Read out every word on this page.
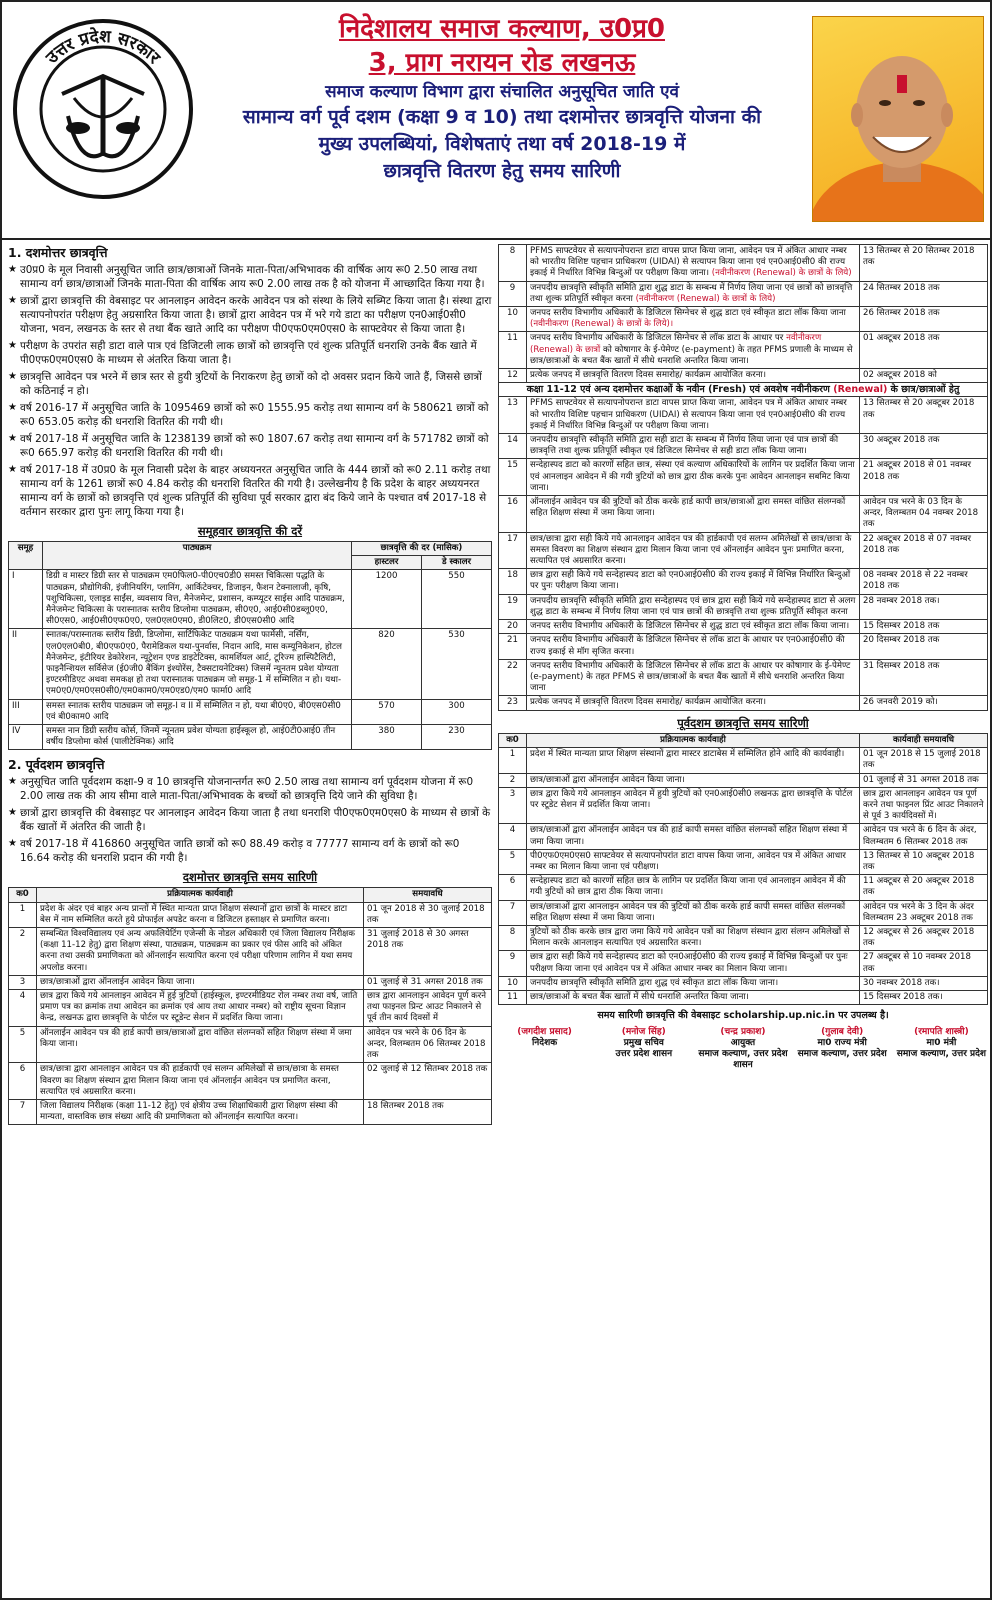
उत्तर प्रदेश सरकार
निदेशालय समाज कल्याण, उ0प्र0
3, प्राग नरायन रोड लखनऊ
समाज कल्याण विभाग द्वारा संचालित अनुसूचित जाति एवं
सामान्य वर्ग पूर्व दशम (कक्षा 9 व 10) तथा दशमोत्तर छात्रवृत्ति योजना की
मुख्य उपलब्धियां, विशेषताएं तथा वर्ष 2018-19 में
छात्रवृत्ति वितरण हेतु समय सारिणी
1. दशमोत्तर छात्रवृत्ति
★ उ0प्र0 के मूल निवासी अनुसूचित जाति छात्र/छात्राओं जिनके माता-पिता/अभिभावक की वार्षिक आय रू0 2.50 लाख तथा सामान्य वर्ग छात्र/छात्राओं जिनके माता-पिता की वार्षिक आय रू0 2.00 लाख तक है को योजना में आच्छादित किया गया है।
★ छात्रों द्वारा छात्रवृत्ति की वेबसाइट पर आनलाइन आवेदन करके आवेदन पत्र को संस्था के लिये सब्मिट किया जाता है। संस्था द्वारा सत्यापनोपरांत परीक्षण हेतु अग्रसारित किया जाता है। छात्रों द्वारा आवेदन पत्र में भरे गये डाटा का परीक्षण एन0आई0सी0 योजना, भवन, लखनऊ के स्तर से तथा बैंक खाते आदि का परीक्षण पी0एफ0एम0एस0 के साफ्टवेयर से किया जाता है।
★ परीक्षण के उपरांत सही डाटा वाले पात्र एवं डिजिटली लाक छात्रों को छात्रवृत्ति एवं शुल्क प्रतिपूर्ति धनराशि उनके बैंक खाते में पी0एफ0एम0एस0 के माध्यम से अंतरित किया जाता है।
★ छात्रवृत्ति आवेदन पत्र भरने में छात्र स्तर से हुयी त्रुटियों के निराकरण हेतु छात्रों को दो अवसर प्रदान किये जाते हैं, जिससे छात्रों को कठिनाई न हो।
★ वर्ष 2016-17 में अनुसूचित जाति के 1095469 छात्रों को रू0 1555.95 करोड़ तथा सामान्य वर्ग के 580621 छात्रों को रू0 653.05 करोड़ की धनराशि वितरित की गयी थी।
★ वर्ष 2017-18 में अनुसूचित जाति के 1238139 छात्रों को रू0 1807.67 करोड़ तथा सामान्य वर्ग के 571782 छात्रों को रू0 665.97 करोड़ की धनराशि वितरित की गयी थी।
★ वर्ष 2017-18 में उ0प्र0 के मूल निवासी प्रदेश के बाहर अध्ययनरत अनुसूचित जाति के 444 छात्रों को रू0 2.11 करोड़ तथा सामान्य वर्ग के 1261 छात्रों रू0 4.84 करोड़ की धनराशि वितरित की गयी है। उल्लेखनीय है कि प्रदेश के बाहर अध्ययनरत सामान्य वर्ग के छात्रों को छात्रवृत्ति एवं शुल्क प्रतिपूर्ति की सुविधा पूर्व सरकार द्वारा बंद किये जाने के पश्चात वर्ष 2017-18 से वर्तमान सरकार द्वारा पुनः लागू किया गया है।
समूहवार छात्रवृत्ति की दरें
समूह	पाठ्यक्रम	छात्रवृत्ति की दर (मासिक)	
		हास्टलर	डे स्कालर
I	डिग्री व मास्टर डिग्री स्तर से पाठ्यक्रम एम0फिल0-पी0एच0डी0 समस्त चिकित्सा पद्धति के पाठ्यक्रम, प्रौद्योगिकी, इंजीनियरिंग, प्लानिंग, आर्किटेक्चर, डिजाइन, फैशन टेक्नालाजी, कृषि, पशुचिकित्सा, एलाइड साईंस, व्यवसाय वित्त, मैनेजमेन्ट, प्रशासन, कम्प्यूटर साईस आदि पाठ्यक्रम, मैनेजमेन्ट चिकित्सा के परास्नातक स्तरीय डिप्लोमा पाठ्यक्रम, सी0ए0, आई0सी0डब्लू0ए0, सी0एस0, आई0सी0एफ0ए0, एल0एल0एम0, डी0लिट0, डी0एस0सी0 आदि	1200	550
II	स्नातक/परास्नातक स्तरीय डिग्री, डिप्लोमा, सार्टिफिकेट पाठ्यक्रम यथा फार्मेसी, नर्सिंग, एल0एल0बी0, बी0एफ0ए0, पैरामेडिकल यथा-पुनर्वास, निदान आदि, मास कम्यूनिकेशन, होटल मैनेजमेन्ट, इंटीरियर डेकोरेशन, न्यूट्रेशन एण्ड डाइटेटिक्स, कामर्शियल आर्ट, टूरिज्म हास्पिटैलिटी, फाइनैन्शियल सर्विसेज (ई0जी0 बैंकिंग इंश्योरेंस, टैक्सटायनेटिक्स) जिसमें न्यूनतम प्रवेश योग्यता इण्टरमीडिएट अथवा समकक्ष हो तथा परास्नातक पाठ्यक्रम जो समूह-1 में सम्मिलित न हो। यथा-एम0ए0/एम0एस0सी0/एम0काम0/एम0एड0/एम0 फार्मा0 आदि	820	530
III	समस्त स्नातक स्तरीय पाठ्यक्रम जो समूह-I व II में सम्मिलित न हो, यथा बी0ए0, बी0एस0सी0 एवं बी0काम0 आदि	570	300
IV	समस्त नान डिग्री स्तरीय कोर्स, जिनमें न्यूनतम प्रवेश योग्यता हाईस्कूल हो, आई0टी0आई0 तीन वर्षीय डिप्लोमा कोर्स (पालीटेक्निक) आदि	380	230
2. पूर्वदशम छात्रवृत्ति
★ अनुसूचित जाति पूर्वदशम कक्षा-9 व 10 छात्रवृत्ति योजनान्तर्गत रू0 2.50 लाख तथा सामान्य वर्ग पूर्वदशम योजना में रू0 2.00 लाख तक की आय सीमा वाले माता-पिता/अभिभावक के बच्चों को छात्रवृत्ति दिये जाने की सुविधा है।
★ छात्रों द्वारा छात्रवृत्ति की वेबसाइट पर आनलाइन आवेदन किया जाता है तथा धनराशि पी0एफ0एम0एस0 के माध्यम से छात्रों के बैंक खातों में अंतरित की जाती है।
★ वर्ष 2017-18 में 416860 अनुसूचित जाति छात्रों को रू0 88.49 करोड़ व 77777 सामान्य वर्ग के छात्रों को रू0 16.64 करोड़ की धनराशि प्रदान की गयी है।
दशमोत्तर छात्रवृत्ति समय सारिणी
क0	प्रक्रियात्मक कार्यवाही	समयावधि
1	प्रदेश के अंदर एवं बाहर अन्य प्रान्तों में स्थित मान्यता प्राप्त शिक्षण संस्थानों द्वारा छात्रों के मास्टर डाटा बेस में नाम सम्मिलित करते हुये प्रोफाईल अपडेट करना व डिजिटल हस्ताक्षर से प्रमाणित करना।	01 जून 2018 से 30 जुलाई 2018 तक
2	सम्बन्धित विश्वविद्यालय एवं अन्य अफलियेटिंग एजेन्सी के नोडल अधिकारी एवं जिला विद्यालय निरीक्षक (कक्षा 11-12 हेतु) द्वारा शिक्षण संस्था, पाठ्यक्रम, पाठ्यक्रम का प्रकार एवं फीस आदि को अंकित करना तथा उसकी प्रमाणिकता को ऑनलाईन सत्यापित करना एवं परीक्षा परिणाम लागिन में यथा समय अपलोड करना।	31 जुलाई 2018 से 30 अगस्त 2018 तक
3	छात्र/छात्राओं द्वारा ऑनलाईन आवेदन किया जाना।	01 जुलाई से 31 अगस्त 2018 तक
4	छात्र द्वारा किये गये आनलाइन आवेदन में हुई त्रुटियों (हाईस्कूल, इण्टरमीडियट रोल नम्बर तथा वर्ष, जाति प्रमाण पत्र का क्रमांक तथा आवेदन का क्रमांक एवं आय तथा आधार नम्बर) को राष्ट्रीय सूचना विज्ञान केन्द्र, लखनऊ द्वारा छात्रवृत्ति के पोर्टल पर स्टूडेन्ट सेशन में प्रदर्शित किया जाना।	छात्र द्वारा आनलाइन आवेदन पूर्ण करने तथा फाइनल प्रिन्ट आउट निकालने से पूर्व तीन कार्य दिवसों में
5	ऑनलाईन आवेदन पत्र की हार्ड कापी छात्र/छात्राओं द्वारा वांछित संलग्नकों सहित शिक्षण संस्था में जमा किया जाना।	आवेदन पत्र भरने के 06 दिन के अन्दर, विलम्बतम 06 सितम्बर 2018 तक
6	छात्र/छात्रा द्वारा आनलाइन आवेदन पत्र की हार्डकापी एवं सलग्न अमिलेखों से छात्र/छात्रा के समस्त विवरण का शिक्षण संस्थान द्वारा मिलान किया जाना एवं ऑनलाईन आवेदन पत्र प्रमाणित करना, सत्यापित एवं अग्रसारित करना।	02 जुलाई से 12 सितम्बर 2018 तक
7	जिला विद्यालय निरीक्षक (कक्षा 11-12 हेतु) एवं क्षेत्रीय उच्च शिक्षाधिकारी द्वारा शिक्षण संस्था की मान्यता, वास्तविक छात्र संख्या आदि की प्रमाणिकता को ऑनलाईन सत्यापित करना।	18 सितम्बर 2018 तक
8	PFMS साफ्टवेयर से सत्यापनोपरान्त डाटा वापस प्राप्त किया जाना, आवेदन पत्र में अंकित आधार नम्बर को भारतीय विशिष्ट पहचान प्राधिकरण (UIDAI) से सत्यापन किया जाना एवं एन0आई0सी0 की राज्य इकाई में निर्धारित विभिन्न बिन्दुओं पर परीक्षण किया जाना। (नवीनीकरण (Renewal) के छात्रों के लिये)	13 सितम्बर से 20 सितम्बर 2018 तक
9	जनपदीय छात्रवृत्ति स्वीकृति समिति द्वारा शुद्ध डाटा के सम्बन्ध में निर्णय लिया जाना एवं छात्रों को छात्रवृत्ति तथा शुल्क प्रतिपूर्ति स्वीकृत करना (नवीनीकरण (Renewal) के छात्रों के लिये)	24 सितम्बर 2018 तक
10	जनपद स्तरीय विभागीय अधिकारी के डिजिटल सिग्नेचर से शुद्ध डाटा एवं स्वीकृत डाटा लॉक किया जाना (नवीनीकरण (Renewal) के छात्रों के लिये)।	26 सितम्बर 2018 तक
11	जनपद स्तरीय विभागीय अधिकारी के डिजिटल सिग्नेचर से लॉक डाटा के आधार पर नवीनीकरण (Renewal) के छात्रों को कोषागार के ई-पेमेण्ट (e-payment) के तहत PFMS प्रणाली के माध्यम से छात्र/छात्राओं के बचत बैंक खातों में सीधे धनराशि अन्तरित किया जाना।	01 अक्टूबर 2018 तक
12	प्रत्येक जनपद में छात्रवृत्ति वितरण दिवस समारोह/ कार्यक्रम आयोजित करना।	02 अक्टूबर 2018 को
कक्षा 11-12 एवं अन्य दशमोत्तर कक्षाओं के नवीन (Fresh) एवं अवशेष नवीनीकरण (Renewal) के छात्र/छात्राओं हेतु		
13	PFMS साफ्टवेयर से सत्यापनोपरान्त डाटा वापस प्राप्त किया जाना, आवेदन पत्र में अंकित आधार नम्बर को भारतीय विशिष्ट पहचान प्राधिकरण (UIDAI) से सत्यापन किया जाना एवं एन0आई0सी0 की राज्य इकाई में निर्धारित विभिन्न बिन्दुओं पर परीक्षण किया जाना।	13 सितम्बर से 20 अक्टूबर 2018 तक
14	जनपदीय छात्रवृत्ति स्वीकृति समिति द्वारा सही डाटा के सम्बन्ध में निर्णय लिया जाना एवं पात्र छात्रों की छात्रवृत्ति तथा शुल्क प्रतिपूर्ति स्वीकृत एवं डिजिटल सिग्नेचर से सही डाटा लॉक किया जाना।	30 अक्टूबर 2018 तक
15	सन्देहास्पद डाटा को कारणों सहित छात्र, संस्था एवं कल्याण अधिकारियों के लागिन पर प्रदर्शित किया जाना एवं आनलाइन आवेदन में की गयी त्रुटियों को छात्र द्वारा ठीक करके पुनः आवेदन आनलाइन सबमिट किया जाना।	21 अक्टूबर 2018 से 01 नवम्बर 2018 तक
16	ऑनलाईन आवेदन पत्र की त्रुटियों को ठीक करके हार्ड कापी छात्र/छात्राओं द्वारा समस्त वांछित संलग्नकों सहित शिक्षण संस्था में जमा किया जाना।	आवेदन पत्र भरने के 03 दिन के अन्दर, विलम्बतम 04 नवम्बर 2018 तक
17	छात्र/छात्रा द्वारा सही किये गये आनलाइन आवेदन पत्र की हार्डकापी एवं सलग्न अमिलेखों से छात्र/छात्रा के समस्त विवरण का शिक्षण संस्थान द्वारा मिलान किया जाना एवं ऑनलाईन आवेदन पुनः प्रमाणित करना, सत्यापित एवं अग्रसारित करना।	22 अक्टूबर 2018 से 07 नवम्बर 2018 तक
18	छात्र द्वारा सही किये गये सन्देहास्पद डाटा को एन0आई0सी0 की राज्य इकाई में विभिन्न निर्धारित बिन्दुओं पर पुनः परीक्षण किया जाना।	08 नवम्बर 2018 से 22 नवम्बर 2018 तक
19	जनपदीय छात्रवृत्ति स्वीकृति समिति द्वारा सन्देहास्पद एवं छात्र द्वारा सही किये गये सन्देहास्पद डाटा से अलग शुद्ध डाटा के सम्बन्ध में निर्णय लिया जाना एवं पात्र छात्रों की छात्रवृत्ति तथा शुल्क प्रतिपूर्ति स्वीकृत करना	28 नवम्बर 2018 तक।
20	जनपद स्तरीय विभागीय अधिकारी के डिजिटल सिग्नेचर से शुद्ध डाटा एवं स्वीकृत डाटा लॉक किया जाना।	15 दिसम्बर 2018 तक
21	जनपद स्तरीय विभागीय अधिकारी के डिजिटल सिग्नेचर से लॉक डाटा के आधार पर एन0आई0सी0 की राज्य इकाई से मॉग सृजित करना।	20 दिसम्बर 2018 तक
22	जनपद स्तरीय विभागीय अधिकारी के डिजिटल सिग्नेचर से लॉक डाटा के आधार पर कोषागार के ई-पेमेण्ट (e-payment) के तहत PFMS से छात्र/छात्राओं के बचत बैंक खातों में सीधे धनराशि अन्तरित किया जाना	31 दिसम्बर 2018 तक
23	प्रत्येक जनपद में छात्रवृत्ति वितरण दिवस समारोह/ कार्यक्रम आयोजित करना।	26 जनवरी 2019 को।
पूर्वदशम छात्रवृत्ति समय सारिणी
क0	प्रक्रियात्मक कार्यवाही	कार्यवाही समयावधि
1	प्रदेश में स्थित मान्यता प्राप्त शिक्षण संस्थानों द्वारा मास्टर डाटाबेस में सम्मिलित होने आदि की कार्यवाही।	01 जून 2018 से 15 जुलाई 2018 तक
2	छात्र/छात्राओं द्वारा ऑनलाईन आवेदन किया जाना।	01 जुलाई से 31 अगस्त 2018 तक
3	छात्र द्वारा किये गये आनलाइन आवेदन में हुयी त्रुटियों को एन0आई0सी0 लखनऊ द्वारा छात्रवृत्ति के पोर्टल पर स्टूडेट सेशन में प्रदर्शित किया जाना।	छात्र द्वारा आनलाइन आवेदन पत्र पूर्ण करने तथा फाइनल प्रिंट आउट निकालने से पूर्व 3 कार्यदिवसों में।
4	छात्र/छात्राओं द्वारा ऑनलाईन आवेदन पत्र की हार्ड कापी समस्त वांछित संलग्नकों सहित शिक्षण संस्था में जमा किया जाना।	आवेदन पत्र भरने के 6 दिन के अंदर, विलम्बतम 6 सितम्बर 2018 तक
5	पी0एफ0एम0एस0 साफ्टवेयर से सत्यापनोपरांत डाटा वापस किया जाना, आवेदन पत्र में अंकित आधार नम्बर का मिलान किया जाना एवं परीक्षण।	13 सितम्बर से 10 अक्टूबर 2018 तक
6	सन्देहास्पद डाटा को कारणों सहित छात्र के लागिन पर प्रदर्शित किया जाना एवं आनलाइन आवेदन में की गयी त्रुटियों को छात्र द्वारा ठीक किया जाना।	11 अक्टूबर से 20 अक्टूबर 2018 तक
7	छात्र/छात्राओं द्वारा आनलाइन आवेदन पत्र की त्रुटियों को ठीक करके हार्ड कापी समस्त वांछित संलग्नकों सहित शिक्षण संस्था में जमा किया जाना।	आवेदन पत्र भरने के 3 दिन के अंदर विलम्बतम 23 अक्टूबर 2018 तक
8	त्रुटियों को ठीक करके छात्र द्वारा जमा किये गये आवेदन पत्रों का शिक्षण संस्थान द्वारा संलग्न अमिलेखों से मिलान करके आनलाइन सत्यापित एवं अग्रसारित करना।	12 अक्टूबर से 26 अक्टूबर 2018 तक
9	छात्र द्वारा सही किये गये सन्देहास्पद डाटा को एन0आई0सी0 की राज्य इकाई में विभिन्न बिन्दुओं पर पुनः परीक्षण किया जाना एवं आवेदन पत्र में अंकित आधार नम्बर का मिलान किया जाना।	27 अक्टूबर से 10 नवम्बर 2018 तक
10	जनपदीय छात्रवृत्ति स्वीकृति समिति द्वारा शुद्ध एवं स्वीकृत डाटा लॉक किया जाना।	30 नवम्बर 2018 तक।
11	छात्र/छात्राओं के बचत बैंक खातों में सीधे धनराशि अन्तरित किया जाना।	15 दिसम्बर 2018 तक।
समय सारिणी छात्रवृत्ति की वेबसाइट scholarship.up.nic.in पर उपलब्ध है।
(जगदीश प्रसाद)
निदेशक
(मनोज सिंह)
प्रमुख सचिव
उत्तर प्रदेश शासन
(चन्द्र प्रकाश)
आयुक्त
समाज कल्याण, उत्तर प्रदेश शासन
(गुलाब देवी)
मा0 राज्य मंत्री
समाज कल्याण, उत्तर प्रदेश
(रमापति शास्त्री)
मा0 मंत्री
समाज कल्याण, उत्तर प्रदेश
